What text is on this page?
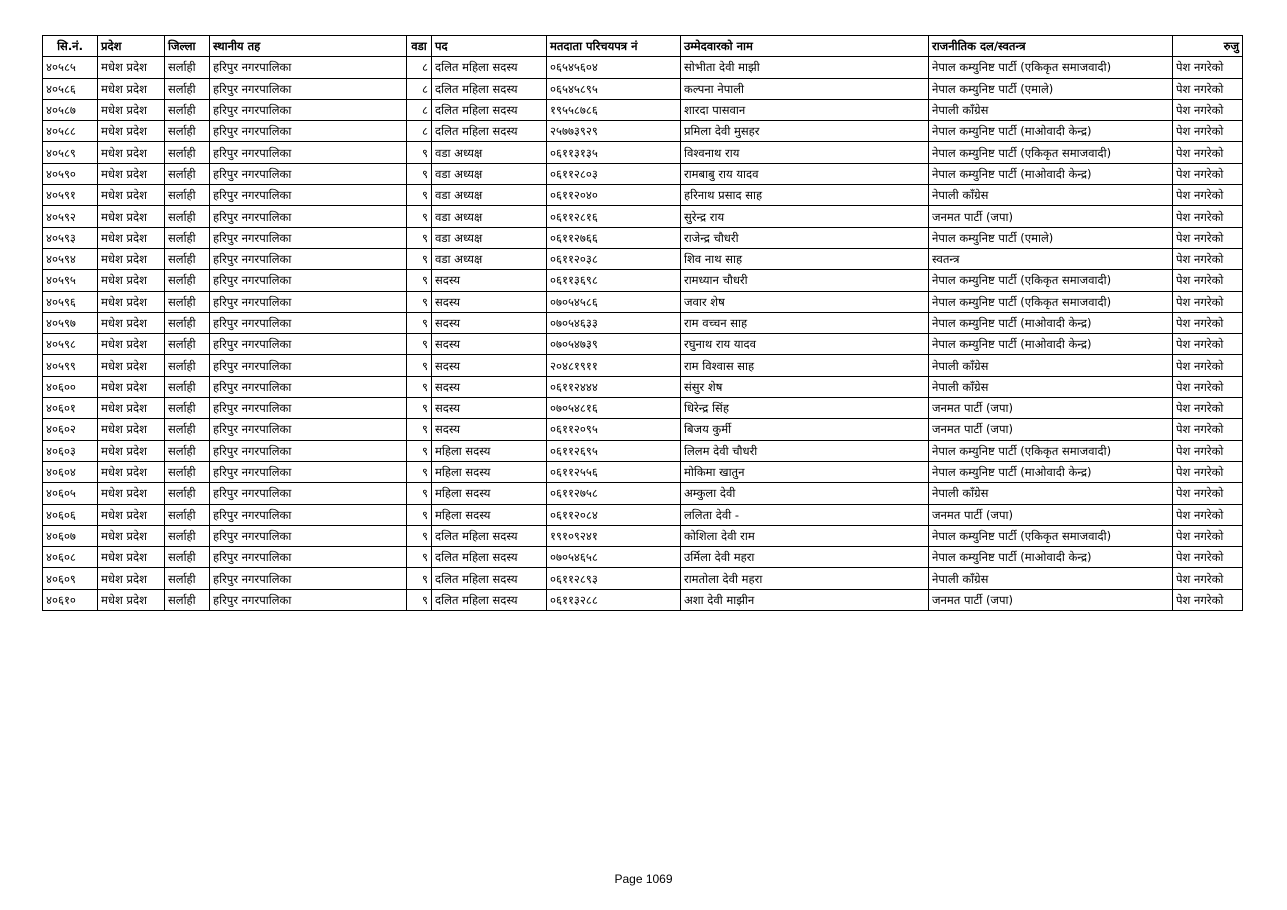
सि.नं.	प्रदेश	जिल्ला	स्थानीय तह	वडा	पद	मतदाता परिचयपत्र नं	उम्मेदवारको नाम	राजनीतिक दल/स्वतन्त्र	रुजु
४०५८५	मधेश प्रदेश	सर्लाही	हरिपुर नगरपालिका	८	दलित महिला सदस्य	०६५४५६०४	सोभीता देवी माझी	नेपाल कम्युनिष्ट पार्टी (एकिकृत समाजवादी)	पेश नगरेको
४०५८६	मधेश प्रदेश	सर्लाही	हरिपुर नगरपालिका	८	दलित महिला सदस्य	०६५४५८९५	कल्पना नेपाली	नेपाल कम्युनिष्ट पार्टी (एमाले)	पेश नगरेको
४०५८७	मधेश प्रदेश	सर्लाही	हरिपुर नगरपालिका	८	दलित महिला सदस्य	१९५५८७८६	शारदा पासवान	नेपाली काँग्रेस	पेश नगरेको
४०५८८	मधेश प्रदेश	सर्लाही	हरिपुर नगरपालिका	८	दलित महिला सदस्य	२५७७३९२९	प्रमिला देवी मुसहर	नेपाल कम्युनिष्ट पार्टी (माओवादी केन्द्र)	पेश नगरेको
४०५८९	मधेश प्रदेश	सर्लाही	हरिपुर नगरपालिका	९	वडा अध्यक्ष	०६११३१३५	विश्वनाथ राय	नेपाल कम्युनिष्ट पार्टी (एकिकृत समाजवादी)	पेश नगरेको
४०५९०	मधेश प्रदेश	सर्लाही	हरिपुर नगरपालिका	९	वडा अध्यक्ष	०६११२८०३	रामबाबु राय यादव	नेपाल कम्युनिष्ट पार्टी (माओवादी केन्द्र)	पेश नगरेको
४०५९१	मधेश प्रदेश	सर्लाही	हरिपुर नगरपालिका	९	वडा अध्यक्ष	०६११२०४०	हरिनाथ प्रसाद साह	नेपाली काँग्रेस	पेश नगरेको
४०५९२	मधेश प्रदेश	सर्लाही	हरिपुर नगरपालिका	९	वडा अध्यक्ष	०६११२८१६	सुरेन्द्र राय	जनमत पार्टी (जपा)	पेश नगरेको
४०५९३	मधेश प्रदेश	सर्लाही	हरिपुर नगरपालिका	९	वडा अध्यक्ष	०६११२७६६	राजेन्द्र चौधरी	नेपाल कम्युनिष्ट पार्टी (एमाले)	पेश नगरेको
४०५९४	मधेश प्रदेश	सर्लाही	हरिपुर नगरपालिका	९	वडा अध्यक्ष	०६११२०३८	शिव नाथ साह	स्वतन्त्र	पेश नगरेको
४०५९५	मधेश प्रदेश	सर्लाही	हरिपुर नगरपालिका	९	सदस्य	०६११३६९८	रामध्यान चौधरी	नेपाल कम्युनिष्ट पार्टी (एकिकृत समाजवादी)	पेश नगरेको
४०५९६	मधेश प्रदेश	सर्लाही	हरिपुर नगरपालिका	९	सदस्य	०७०५४५८६	जवार शेष	नेपाल कम्युनिष्ट पार्टी (एकिकृत समाजवादी)	पेश नगरेको
४०५९७	मधेश प्रदेश	सर्लाही	हरिपुर नगरपालिका	९	सदस्य	०७०५४६३३	राम वच्चन साह	नेपाल कम्युनिष्ट पार्टी (माओवादी केन्द्र)	पेश नगरेको
४०५९८	मधेश प्रदेश	सर्लाही	हरिपुर नगरपालिका	९	सदस्य	०७०५४७३९	रघुनाथ राय यादव	नेपाल कम्युनिष्ट पार्टी (माओवादी केन्द्र)	पेश नगरेको
४०५९९	मधेश प्रदेश	सर्लाही	हरिपुर नगरपालिका	९	सदस्य	२०४८१९११	राम विश्वास साह	नेपाली काँग्रेस	पेश नगरेको
४०६००	मधेश प्रदेश	सर्लाही	हरिपुर नगरपालिका	९	सदस्य	०६११२४४४	संसुर शेष	नेपाली काँग्रेस	पेश नगरेको
४०६०१	मधेश प्रदेश	सर्लाही	हरिपुर नगरपालिका	९	सदस्य	०७०५४८१६	धिरेन्द्र सिंह	जनमत पार्टी (जपा)	पेश नगरेको
४०६०२	मधेश प्रदेश	सर्लाही	हरिपुर नगरपालिका	९	सदस्य	०६११२०९५	बिजय कुर्मी	जनमत पार्टी (जपा)	पेश नगरेको
४०६०३	मधेश प्रदेश	सर्लाही	हरिपुर नगरपालिका	९	महिला सदस्य	०६११२६९५	लिलम देवी चौधरी	नेपाल कम्युनिष्ट पार्टी (एकिकृत समाजवादी)	पेश नगरेको
४०६०४	मधेश प्रदेश	सर्लाही	हरिपुर नगरपालिका	९	महिला सदस्य	०६११२५५६	मोकिमा खातुन	नेपाल कम्युनिष्ट पार्टी (माओवादी केन्द्र)	पेश नगरेको
४०६०५	मधेश प्रदेश	सर्लाही	हरिपुर नगरपालिका	९	महिला सदस्य	०६११२७५८	अम्कुला देवी	नेपाली काँग्रेस	पेश नगरेको
४०६०६	मधेश प्रदेश	सर्लाही	हरिपुर नगरपालिका	९	महिला सदस्य	०६११२०८४	ललिता देवी -	जनमत पार्टी (जपा)	पेश नगरेको
४०६०७	मधेश प्रदेश	सर्लाही	हरिपुर नगरपालिका	९	दलित महिला सदस्य	१९१०९२४१	कोशिला देवी राम	नेपाल कम्युनिष्ट पार्टी (एकिकृत समाजवादी)	पेश नगरेको
४०६०८	मधेश प्रदेश	सर्लाही	हरिपुर नगरपालिका	९	दलित महिला सदस्य	०७०५४६५८	उर्मिला देवी महरा	नेपाल कम्युनिष्ट पार्टी (माओवादी केन्द्र)	पेश नगरेको
४०६०९	मधेश प्रदेश	सर्लाही	हरिपुर नगरपालिका	९	दलित महिला सदस्य	०६११२८९३	रामतोला देवी महरा	नेपाली काँग्रेस	पेश नगरेको
४०६१०	मधेश प्रदेश	सर्लाही	हरिपुर नगरपालिका	९	दलित महिला सदस्य	०६११३२८८	अशा देवी माझीन	जनमत पार्टी (जपा)	पेश नगरेको
Page 1069
